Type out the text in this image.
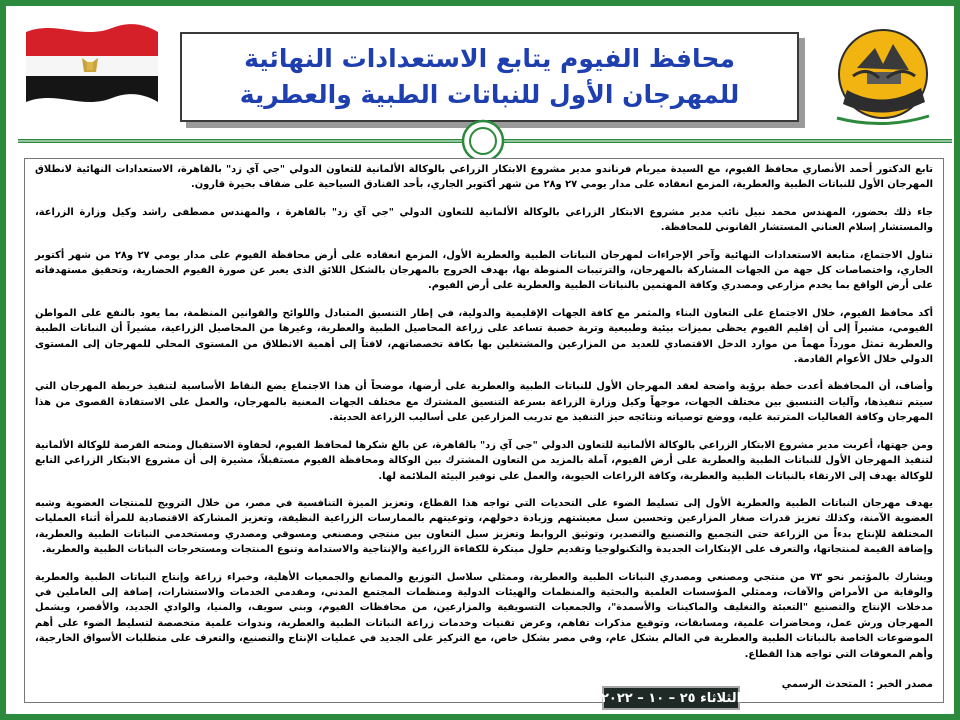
محافظ الفيوم يتابع الاستعدادات النهائية للمهرجان الأول للنباتات الطبية والعطرية

تابع الدكتور أحمد الأنصاري محافظ الفيوم، مع السيدة ميريام فرناندو مدير مشروع الابتكار الزراعي بالوكالة الألمانية للتعاون الدولي "جي آي زد" بالقاهرة، الاستعدادات النهائية لانطلاق المهرجان الأول للنباتات الطبية والعطرية، المزمع انعقاده على مدار يومي ٢٧ و٢٨ من شهر أكتوبر الجاري، بأحد الفنادق السياحية على ضفاف بحيرة قارون.

جاء ذلك بحضور، المهندس محمد نبيل نائب مدير مشروع الابتكار الزراعي بالوكالة الألمانية للتعاون الدولي "جي آي زد" بالقاهرة ، والمهندس مصطفى راشد وكيل وزارة الزراعة، والمستشار إسلام العناني المستشار القانوني للمحافظة.

تناول الاجتماع، متابعة الاستعدادات النهائية وآخر الإجراءات لمهرجان النباتات الطبية والعطرية الأول، المزمع انعقاده على أرض محافظة الفيوم على مدار يومي ٢٧ و٢٨ من شهر أكتوبر الجاري، واختصاصات كل جهة من الجهات المشاركة بالمهرجان، والترتيبات المنوطة بها، بهدف الخروج بالمهرجان بالشكل اللائق الذى يعبر عن صورة الفيوم الحضارية، وتحقيق مستهدفاته على أرض الواقع بما يخدم مزارعي ومصدري وكافة المهتمين بالنباتات الطبية والعطرية على أرض الفيوم.

أكد محافظ الفيوم، خلال الاجتماع على التعاون البناء والمثمر مع كافة الجهات الإقليمية والدولية، في إطار التنسيق المتبادل واللوائح والقوانين المنظمة، بما يعود بالنفع على المواطن الفيومي، مشيراً إلى أن إقليم الفيوم يحظى بميزات بيئية وطبيعية وتربة خصبة تساعد على زراعة المحاصيل الطبية والعطرية، وغيرها من المحاصيل الزراعية، مشيراً أن النباتات الطبية والعطرية تمثل مورداً مهماً من موارد الدخل الاقتصادي للعديد من المزارعين والمشتغلين بها بكافة تخصصاتهم، لافتاً إلى أهمية الانطلاق من المستوى المحلي للمهرجان إلى المستوى الدولي خلال الأعوام القادمة.

وأضاف، أن المحافظة أعدت خطة برؤية واضحة لعقد المهرجان الأول للنباتات الطبية والعطرية على أرضها، موضحاً أن هذا الاجتماع يضع النقاط الأساسية لتنفيذ خريطة المهرجان التي سيتم تنفيذها، وآليات التنسيق بين مختلف الجهات، موجهاً وكيل وزارة الزراعة بسرعة التنسيق المشترك مع مختلف الجهات المعنية بالمهرجان، والعمل على الاستفادة القصوى من هذا المهرجان وكافة الفعاليات المترتبة عليه، ووضع توصياته ونتائجه حيز التنفيذ مع تدريب المزارعين على أساليب الزراعة الحديثة.

ومن جهتها، أعربت مدير مشروع الابتكار الزراعي بالوكالة الألمانية للتعاون الدولي "جي آي زد" بالقاهرة، عن بالغ شكرها لمحافظ الفيوم، لحفاوة الاستقبال ومنحه الفرصة للوكالة الألمانية لتنفيذ المهرجان الأول للنباتات الطبية والعطرية على أرض الفيوم، آملة بالمزيد من التعاون المشترك بين الوكالة ومحافظة الفيوم مستقبلاً، مشيرة إلى أن مشروع الابتكار الزراعي التابع للوكالة يهدف إلى الارتقاء بالنباتات الطبية والعطرية، وكافة الزراعات الحيوية، والعمل على توفير البيئة الملائمة لها.

يهدف مهرجان النباتات الطبية والعطرية الأول إلى تسليط الضوء على التحديات التي تواجه هذا القطاع، وتعزيز الميزة التنافسية في مصر، من خلال الترويج للمنتجات العضوية وشبه العضوية الآمنة، وكذلك تعزيز قدرات صغار المزارعين وتحسين سبل معيشتهم وزيادة دخولهم، وتوعيتهم بالممارسات الزراعية النظيفة، وتعزيز المشاركة الاقتصادية للمرأة أثناء العمليات المختلفة للإنتاج بدءاً من الزراعة حتى التجميع والتصنيع والتصدير، وتوثيق الروابط وتعزيز سبل التعاون بين منتجي ومصنعي ومسوقي ومصدري ومستخدمي النباتات الطبية والعطرية، وإضافة القيمة لمنتجاتها، والتعرف على الإبتكارات الجديدة والتكنولوجيا وتقديم حلول مبتكرة للكفاءة الزراعية والإنتاجية والاستدامة وتنوع المنتجات ومستخرجات النباتات الطبية والعطرية.

ويشارك بالمؤتمر نحو ٧٣ من منتجي ومصنعي ومصدري النباتات الطبية والعطرية، وممثلي سلاسل التوزيع والمصانع والجمعيات الأهلية، وخبراء زراعة وإنتاج النباتات الطبية والعطرية والوقاية من الأمراض والآفات، وممثلي المؤسسات العلمية والبحثية والمنظمات والهيئات الدولية ومنظمات المجتمع المدني، ومقدمي الخدمات والاستشارات، إضافة إلى العاملين في مدخلات الإنتاج والتصنيع "التعبئة والتغليف والماكينات والأسمدة"، والجمعيات التسويقية والمزارعين، من محافظات الفيوم، وبني سويف، والمنيا، والوادي الجديد، والأقصر، ويشمل المهرجان ورش عمل، ومحاضرات علمية، ومسابقات، وتوقيع مذكرات تفاهم، وعرض تقنيات وخدمات زراعة النباتات الطبية والعطرية، وندوات علمية متخصصة لتسليط الضوء على أهم الموضوعات الخاصة بالنباتات الطبية والعطرية في العالم بشكل عام، وفي مصر بشكل خاص، مع التركيز على الجديد في عمليات الإنتاج والتصنيع، والتعرف على متطلبات الأسواق الخارجية، وأهم المعوقات التي تواجه هذا القطاع.

مصدر الخبر : المتحدث الرسمي
الثلاثاء ٢٥ – ١٠ – ٢٠٢٢
